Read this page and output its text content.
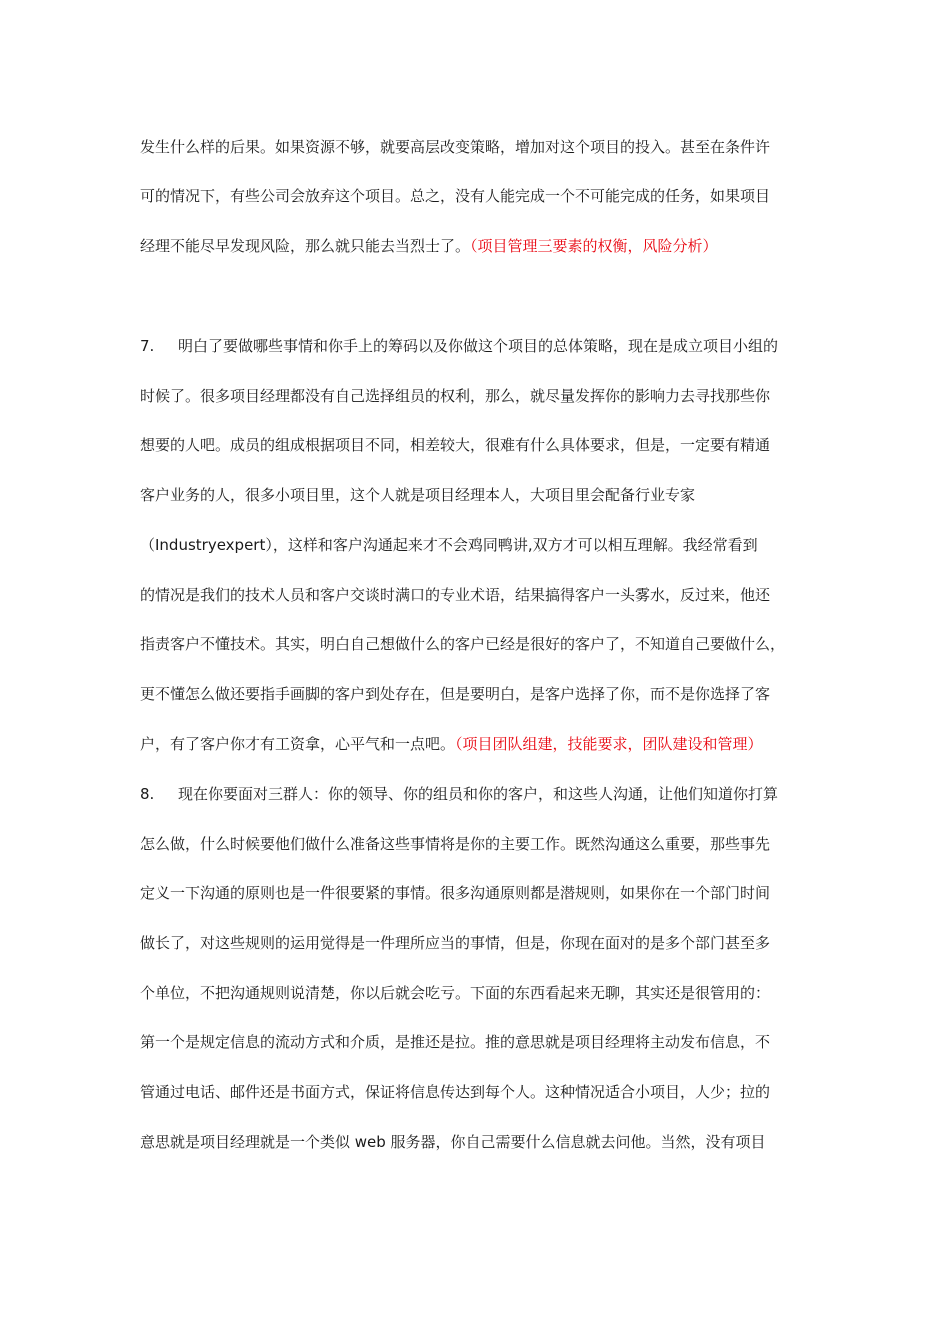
发生什么样的后果。如果资源不够，就要高层改变策略，增加对这个项目的投入。甚至在条件许
可的情况下，有些公司会放弃这个项目。总之，没有人能完成一个不可能完成的任务，如果项目
经理不能尽早发现风险，那么就只能去当烈士了。（项目管理三要素的权衡，风险分析）
7. 明白了要做哪些事情和你手上的筹码以及你做这个项目的总体策略，现在是成立项目小组的
时候了。很多项目经理都没有自己选择组员的权利，那么，就尽量发挥你的影响力去寻找那些你
想要的人吧。成员的组成根据项目不同，相差较大，很难有什么具体要求，但是，一定要有精通
客户业务的人，很多小项目里，这个人就是项目经理本人，大项目里会配备行业专家
（Industryexpert），这样和客户沟通起来才不会鸡同鸭讲,双方才可以相互理解。我经常看到
的情况是我们的技术人员和客户交谈时满口的专业术语，结果搞得客户一头雾水，反过来，他还
指责客户不懂技术。其实，明白自己想做什么的客户已经是很好的客户了，不知道自己要做什么，
更不懂怎么做还要指手画脚的客户到处存在，但是要明白，是客户选择了你，而不是你选择了客
户，有了客户你才有工资拿，心平气和一点吧。（项目团队组建，技能要求，团队建设和管理）
8. 现在你要面对三群人：你的领导、你的组员和你的客户，和这些人沟通，让他们知道你打算
怎么做，什么时候要他们做什么准备这些事情将是你的主要工作。既然沟通这么重要，那些事先
定义一下沟通的原则也是一件很要紧的事情。很多沟通原则都是潜规则，如果你在一个部门时间
做长了，对这些规则的运用觉得是一件理所应当的事情，但是，你现在面对的是多个部门甚至多
个单位，不把沟通规则说清楚，你以后就会吃亏。下面的东西看起来无聊，其实还是很管用的：
第一个是规定信息的流动方式和介质，是推还是拉。推的意思就是项目经理将主动发布信息，不
管通过电话、邮件还是书面方式，保证将信息传达到每个人。这种情况适合小项目，人少；拉的
意思就是项目经理就是一个类似 web 服务器，你自己需要什么信息就去问他。当然，没有项目
